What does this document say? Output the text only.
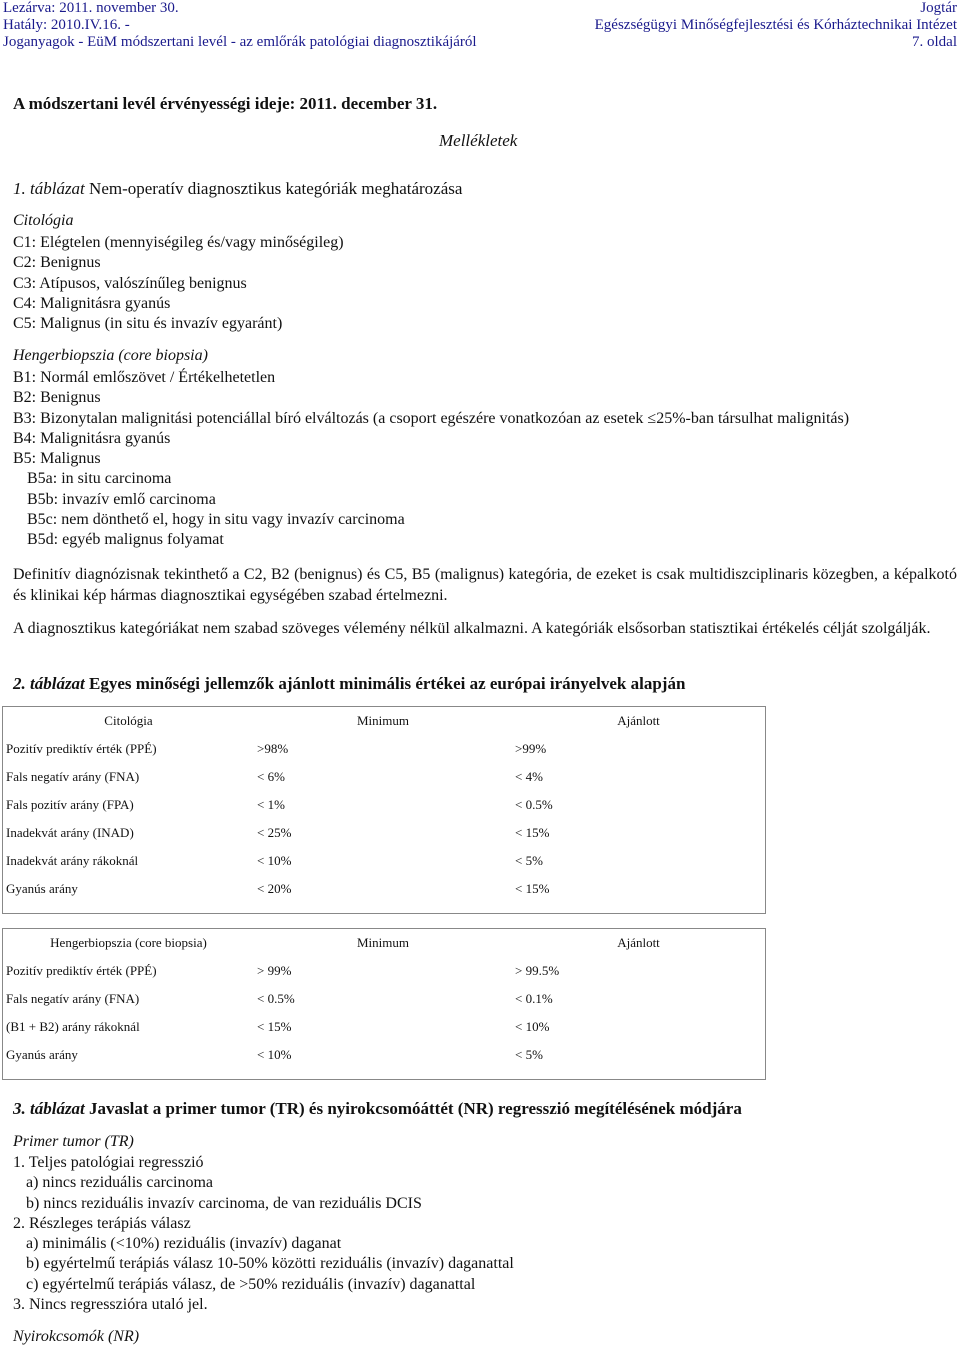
Lezárva: 2011. november 30.
Hatály: 2010.IV.16. -
Joganyagok - EüM módszertani levél - az emlőrák patológiai diagnosztikájáról
Jogtár
Egészségügyi Minőségfejlesztési és Kórháztechnikai Intézet
7. oldal
A módszertani levél érvényességi ideje: 2011. december 31.
Mellékletek
1. táblázat Nem-operatív diagnosztikus kategóriák meghatározása
Citológia
C1: Elégtelen (mennyiségileg és/vagy minőségileg)
C2: Benignus
C3: Atípusos, valószínűleg benignus
C4: Malignitásra gyanús
C5: Malignus (in situ és invazív egyaránt)
Hengerbiopszia (core biopsia)
B1: Normál emlőszövet / Értékelhetetlen
B2: Benignus
B3: Bizonytalan malignitási potenciállal bíró elváltozás (a csoport egészére vonatkozóan az esetek ≤25%-ban társulhat malignitás)
B4: Malignitásra gyanús
B5: Malignus
B5a: in situ carcinoma
B5b: invazív emlő carcinoma
B5c: nem dönthető el, hogy in situ vagy invazív carcinoma
B5d: egyéb malignus folyamat
Definitív diagnózisnak tekinthető a C2, B2 (benignus) és C5, B5 (malignus) kategória, de ezeket is csak multidiszciplinaris közegben, a képalkotó és klinikai kép hármas diagnosztikai egységében szabad értelmezni.
A diagnosztikus kategóriákat nem szabad szöveges vélemény nélkül alkalmazni. A kategóriák elsősorban statisztikai értékelés célját szolgálják.
2. táblázat Egyes minőségi jellemzők ajánlott minimális értékei az európai irányelvek alapján
Citológia	Minimum	Ajánlott
Pozitív prediktív érték (PPÉ)	>98%	>99%
Fals negatív arány (FNA)	< 6%	< 4%
Fals pozitív arány (FPA)	< 1%	< 0.5%
Inadekvát arány (INAD)	< 25%	< 15%
Inadekvát arány rákoknál	< 10%	< 5%
Gyanús arány	< 20%	< 15%

Hengerbiopszia (core biopsia)	Minimum	Ajánlott
Pozitív prediktív érték (PPÉ)	> 99%	> 99.5%
Fals negatív arány (FNA)	< 0.5%	< 0.1%
(B1 + B2) arány rákoknál	< 15%	< 10%
Gyanús arány	< 10%	< 5%

3. táblázat Javaslat a primer tumor (TR) és nyirokcsomóáttét (NR) regresszió megítélésének módjára
Primer tumor (TR)
1. Teljes patológiai regresszió
a) nincs reziduális carcinoma
b) nincs reziduális invazív carcinoma, de van reziduális DCIS
2. Részleges terápiás válasz
a) minimális (<10%) reziduális (invazív) daganat
b) egyértelmű terápiás válasz 10-50% közötti reziduális (invazív) daganattal
c) egyértelmű terápiás válasz, de >50% reziduális (invazív) daganattal
3. Nincs regresszióra utaló jel.
Nyirokcsomók (NR)
